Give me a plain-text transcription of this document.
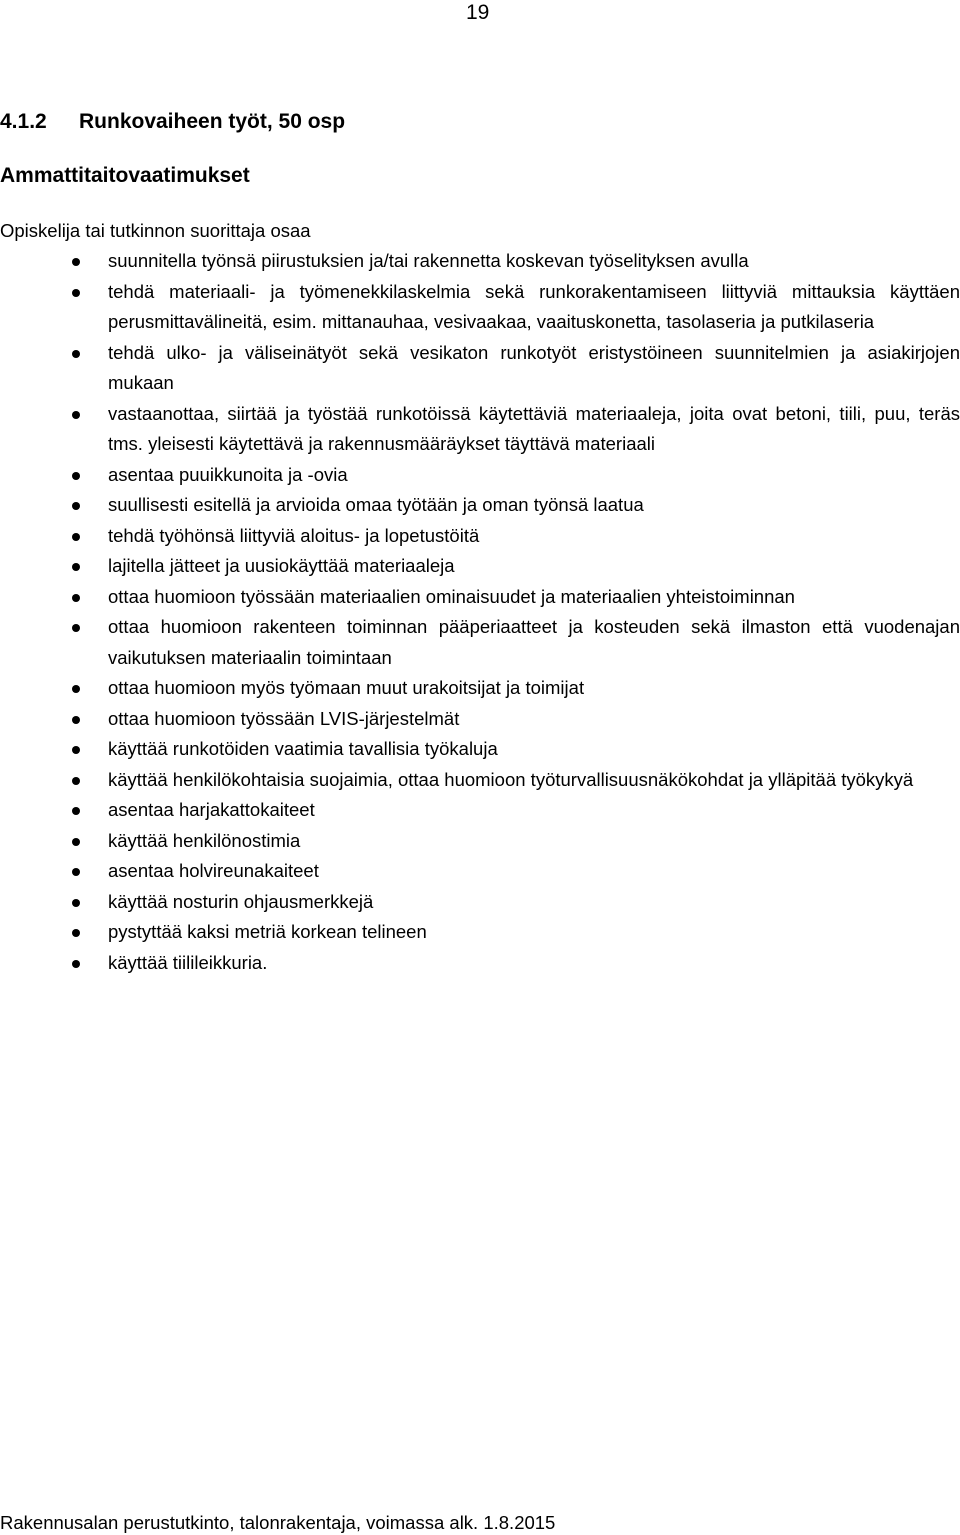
19
4.1.2 Runkovaiheen työt, 50 osp
Ammattitaitovaatimukset
Opiskelija tai tutkinnon suorittaja osaa
suunnitella työnsä piirustuksien ja/tai rakennetta koskevan työselityksen avulla
tehdä materiaali- ja työmenekkilaskelmia sekä runkorakentamiseen liittyviä mittauksia käyttäen perusmittavälineitä, esim. mittanauhaa, vesivaakaa, vaaituskonetta, tasolaseria ja putkilaseria
tehdä ulko- ja väliseinätyöt sekä vesikaton runkotyöt eristystöineen suunnitelmien ja asiakirjojen mukaan
vastaanottaa, siirtää ja työstää runkotöissä käytettäviä materiaaleja, joita ovat betoni, tiili, puu, teräs tms. yleisesti käytettävä ja rakennusmääräykset täyttävä materiaali
asentaa puuikkunoita ja -ovia
suullisesti esitellä ja arvioida omaa työtään ja oman työnsä laatua
tehdä työhönsä liittyviä aloitus- ja lopetustöitä
lajitella jätteet ja uusiokäyttää materiaaleja
ottaa huomioon työssään materiaalien ominaisuudet ja materiaalien yhteistoiminnan
ottaa huomioon rakenteen toiminnan pääperiaatteet ja kosteuden sekä ilmaston että vuodenajan vaikutuksen materiaalin toimintaan
ottaa huomioon myös työmaan muut urakoitsijat ja toimijat
ottaa huomioon työssään LVIS-järjestelmät
käyttää runkotöiden vaatimia tavallisia työkaluja
käyttää henkilökohtaisia suojaimia, ottaa huomioon työturvallisuusnäkökohdat ja ylläpitää työkykyä
asentaa harjakattokaiteet
käyttää henkilönostimia
asentaa holvireunakaiteet
käyttää nosturin ohjausmerkkejä
pystyttää kaksi metriä korkean telineen
käyttää tiilileikkuria.
Rakennusalan perustutkinto, talonrakentaja, voimassa alk. 1.8.2015
